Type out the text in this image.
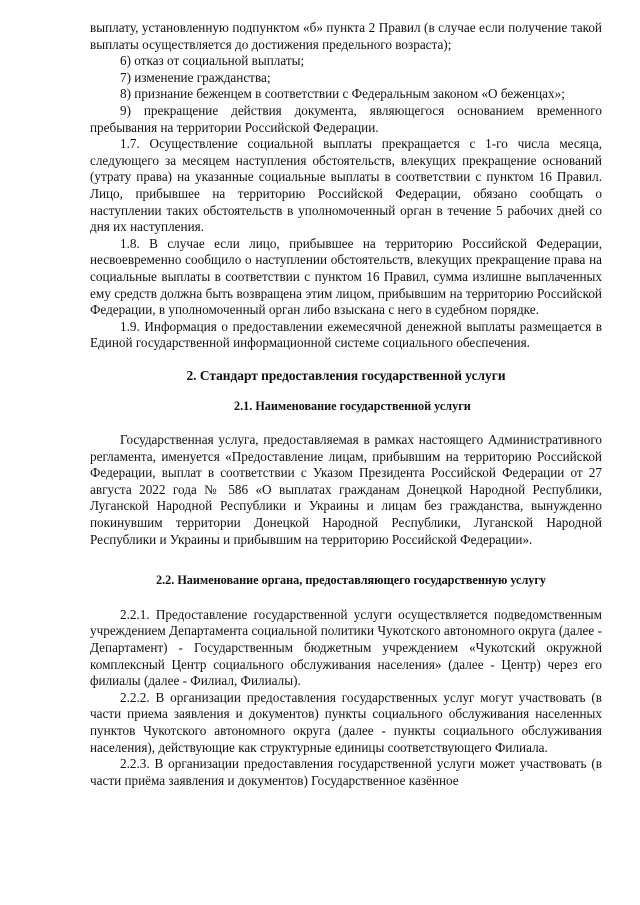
выплату, установленную подпунктом «б» пункта 2 Правил (в случае если получение такой выплаты осуществляется до достижения предельного возраста);

6) отказ от социальной выплаты;

7) изменение гражданства;

8) признание беженцем в соответствии с Федеральным законом «О беженцах»;

9) прекращение действия документа, являющегося основанием временного пребывания на территории Российской Федерации.

1.7. Осуществление социальной выплаты прекращается с 1-го числа месяца, следующего за месяцем наступления обстоятельств, влекущих прекращение оснований (утрату права) на указанные социальные выплаты в соответствии с пунктом 16 Правил. Лицо, прибывшее на территорию Российской Федерации, обязано сообщать о наступлении таких обстоятельств в уполномоченный орган в течение 5 рабочих дней со дня их наступления.

1.8. В случае если лицо, прибывшее на территорию Российской Федерации, несвоевременно сообщило о наступлении обстоятельств, влекущих прекращение права на социальные выплаты в соответствии с пунктом 16 Правил, сумма излишне выплаченных ему средств должна быть возвращена этим лицом, прибывшим на территорию Российской Федерации, в уполномоченный орган либо взыскана с него в судебном порядке.

1.9. Информация о предоставлении ежемесячной денежной выплаты размещается в Единой государственной информационной системе социального обеспечения.

2. Стандарт предоставления государственной услуги
2.1. Наименование государственной услуги

Государственная услуга, предоставляемая в рамках настоящего Административного регламента, именуется «Предоставление лицам, прибывшим на территорию Российской Федерации, выплат в соответствии с Указом Президента Российской Федерации от 27 августа 2022 года № 586 «О выплатах гражданам Донецкой Народной Республики, Луганской Народной Республики и Украины и лицам без гражданства, вынужденно покинувшим территории Донецкой Народной Республики, Луганской Народной Республики и Украины и прибывшим на территорию Российской Федерации».

2.2. Наименование органа, предоставляющего государственную услугу

2.2.1. Предоставление государственной услуги осуществляется подведомственным учреждением Департамента социальной политики Чукотского автономного округа (далее - Департамент) - Государственным бюджетным учреждением «Чукотский окружной комплексный Центр социального обслуживания населения» (далее - Центр) через его филиалы (далее - Филиал, Филиалы).

2.2.2. В организации предоставления государственных услуг могут участвовать (в части приема заявления и документов) пункты социального обслуживания населенных пунктов Чукотского автономного округа (далее - пункты социального обслуживания населения), действующие как структурные единицы соответствующего Филиала.

2.2.3. В организации предоставления государственной услуги может участвовать (в части приёма заявления и документов) Государственное казённое
